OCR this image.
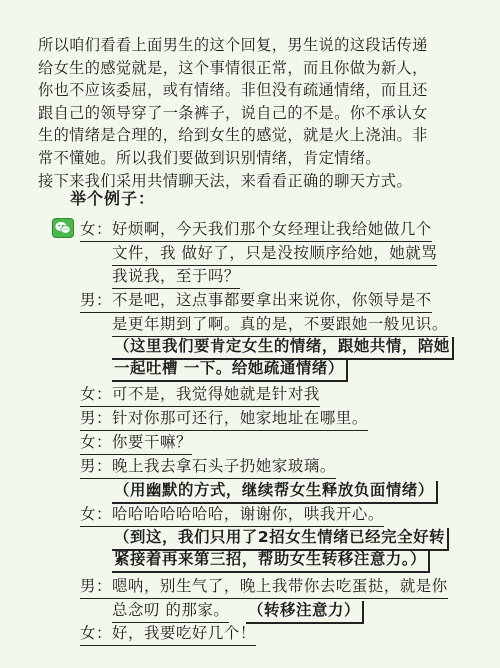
所以咱们看看上面男生的这个回复，男生说的这段话传递

给女生的感觉就是，这个事情很正常，而且你做为新人，

你也不应该委屈，或有情绪。非但没有疏通情绪，而且还

跟自己的领导穿了一条裤子，说自己的不是。你不承认女

生的情绪是合理的，给到女生的感觉，就是火上浇油。非

常不懂她。所以我们要做到识别情绪，肯定情绪。

接下来我们采用共情聊天法，来看看正确的聊天方式。

举个例子：

女：好烦啊，今天我们那个女经理让我给她做几个

文件，我 做好了，只是没按顺序给她，她就骂

我说我，至于吗？

男：不是吧，这点事都要拿出来说你，你领导是不

是更年期到了啊。真的是，不要跟她一般见识。

（这里我们要肯定女生的情绪，跟她共情，陪她

一起吐槽 一下。给她疏通情绪）

女：可不是，我觉得她就是针对我

男：针对你那可还行，她家地址在哪里。

女：你要干嘛？

男：晚上我去拿石头子扔她家玻璃。

（用幽默的方式，继续帮女生释放负面情绪）

女：哈哈哈哈哈哈哈，谢谢你，哄我开心。

（到这，我们只用了2招女生情绪已经完全好转

紧接着再来第三招，帮助女生转移注意力。）

男：嗯呐，别生气了，晚上我带你去吃蛋挞，就是你

总念叨 的那家。 （转移注意力）

女：好，我要吃好几个！
